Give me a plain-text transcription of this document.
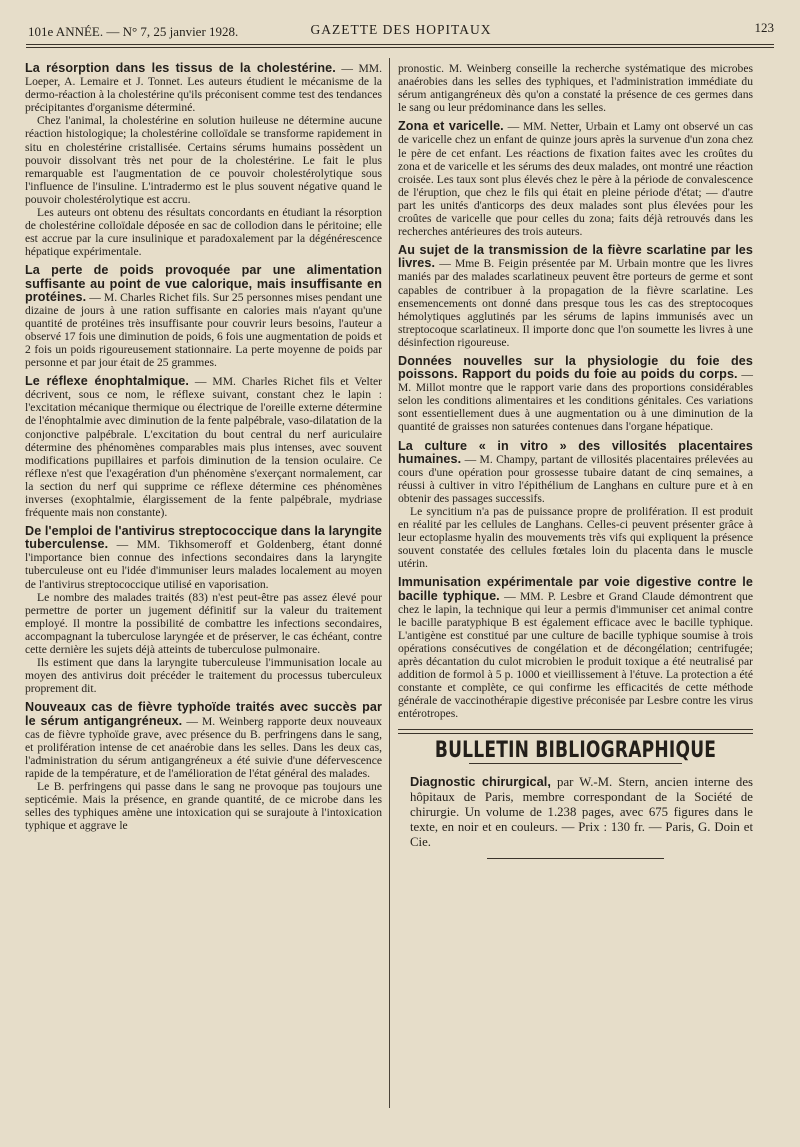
101e ANNÉE. — N° 7, 25 janvier 1928.	GAZETTE DES HOPITAUX	123

La résorption dans les tissus de la cholestérine. — MM. Loeper, A. Lemaire et J. Tonnet. Les auteurs étudient le mécanisme de la dermo-réaction à la cholestérine qu'ils préconisent comme test des tendances précipitantes d'organisme déterminé.

Chez l'animal, la cholestérine en solution huileuse ne détermine aucune réaction histologique; la cholestérine colloïdale se transforme rapidement in situ en cholestérine cristallisée. Certains sérums humains possèdent un pouvoir dissolvant très net pour de la cholestérine. Le fait le plus remarquable est l'augmentation de ce pouvoir cholestérolytique sous l'influence de l'insuline. L'intradermo est le plus souvent négative quand le pouvoir cholestérolytique est accru.

Les auteurs ont obtenu des résultats concordants en étudiant la résorption de cholestérine colloïdale déposée en sac de collodion dans le péritoine; elle est accrue par la cure insulinique et paradoxalement par la dégénérescence hépatique expérimentale.

La perte de poids provoquée par une alimentation suffisante au point de vue calorique, mais insuffisante en protéines. — M. Charles Richet fils. Sur 25 personnes mises pendant une dizaine de jours à une ration suffisante en calories mais n'ayant qu'une quantité de protéines très insuffisante pour couvrir leurs besoins, l'auteur a observé 17 fois une diminution de poids, 6 fois une augmentation de poids et 2 fois un poids rigoureusement stationnaire. La perte moyenne de poids par personne et par jour était de 25 grammes.

Le réflexe énophtalmique. — MM. Charles Richet fils et Velter décrivent, sous ce nom, le réflexe suivant, constant chez le lapin : l'excitation mécanique thermique ou électrique de l'oreille externe détermine de l'énophtalmie avec diminution de la fente palpébrale, vaso-dilatation de la conjonctive palpébrale. L'excitation du bout central du nerf auriculaire détermine des phénomènes comparables mais plus intenses, avec souvent modifications pupillaires et parfois diminution de la tension oculaire. Ce réflexe n'est que l'exagération d'un phénomène s'exerçant normalement, car la section du nerf qui supprime ce réflexe détermine ces phénomènes inverses (exophtalmie, élargissement de la fente palpébrale, mydriase fréquente mais non constante).

De l'emploi de l'antivirus streptococcique dans la laryngite tuberculense. — MM. Tikhsomeroff et Goldenberg, étant donné l'importance bien connue des infections secondaires dans la laryngite tuberculeuse ont eu l'idée d'immuniser leurs malades localement au moyen de l'antivirus streptococcique utilisé en vaporisation.

Le nombre des malades traités (83) n'est peut-être pas assez élevé pour permettre de porter un jugement définitif sur la valeur du traitement employé. Il montre la possibilité de combattre les infections secondaires, accompagnant la tuberculose laryngée et de préserver, le cas échéant, contre cette dernière les sujets déjà atteints de tuberculose pulmonaire.

Ils estiment que dans la laryngite tuberculeuse l'immunisation locale au moyen des antivirus doit précéder le traitement du processus tuberculeux proprement dit.

Nouveaux cas de fièvre typhoïde traités avec succès par le sérum antigangréneux. — M. Weinberg rapporte deux nouveaux cas de fièvre typhoïde grave, avec présence du B. perfringens dans le sang, et prolifération intense de cet anaérobie dans les selles. Dans les deux cas, l'administration du sérum antigangréneux a été suivie d'une défervescence rapide de la température, et de l'amélioration de l'état général des malades.

Le B. perfringens qui passe dans le sang ne provoque pas toujours une septicémie. Mais la présence, en grande quantité, de ce microbe dans les selles des typhiques amène une intoxication qui se surajoute à l'intoxication typhique et aggrave le

pronostic. M. Weinberg conseille la recherche systématique des microbes anaérobies dans les selles des typhiques, et l'administration immédiate du sérum antigangréneux dès qu'on a constaté la présence de ces germes dans le sang ou leur prédominance dans les selles.

Zona et varicelle. — MM. Netter, Urbain et Lamy ont observé un cas de varicelle chez un enfant de quinze jours après la survenue d'un zona chez le père de cet enfant. Les réactions de fixation faites avec les croûtes du zona et de varicelle et les sérums des deux malades, ont montré une réaction croisée. Les taux sont plus élevés chez le père à la période de convalescence de l'éruption, que chez le fils qui était en pleine période d'état; — d'autre part les unités d'anticorps des deux malades sont plus élevées pour les croûtes de varicelle que pour celles du zona; faits déjà retrouvés dans les recherches antérieures des trois auteurs.

Au sujet de la transmission de la fièvre scarlatine par les livres. — Mme B. Feigin présentée par M. Urbain montre que les livres maniés par des malades scarlatineux peuvent être porteurs de germe et sont capables de contribuer à la propagation de la fièvre scarlatine. Les ensemencements ont donné dans presque tous les cas des streptocoques hémolytiques agglutinés par les sérums de lapins immunisés avec un streptocoque scarlatineux. Il importe donc que l'on soumette les livres à une désinfection rigoureuse.

Données nouvelles sur la physiologie du foie des poissons. Rapport du poids du foie au poids du corps. — M. Millot montre que le rapport varie dans des proportions considérables selon les conditions alimentaires et les conditions génitales. Ces variations sont essentiellement dues à une augmentation ou à une diminution de la quantité de graisses non saturées contenues dans l'organe hépatique.

La culture « in vitro » des villosités placentaires humaines. — M. Champy, partant de villosités placentaires prélevées au cours d'une opération pour grossesse tubaire datant de cinq semaines, a réussi à cultiver in vitro l'épithélium de Langhans en culture pure et à en obtenir des passages successifs.

Le syncitium n'a pas de puissance propre de prolifération. Il est produit en réalité par les cellules de Langhans. Celles-ci peuvent présenter grâce à leur ectoplasme hyalin des mouvements très vifs qui expliquent la présence souvent constatée des cellules fœtales loin du placenta dans le muscle utérin.

Immunisation expérimentale par voie digestive contre le bacille typhique. — MM. P. Lesbre et Grand Claude démontrent que chez le lapin, la technique qui leur a permis d'immuniser cet animal contre le bacille paratyphique B est également efficace avec le bacille typhique. L'antigène est constitué par une culture de bacille typhique soumise à trois opérations consécutives de congélation et de décongélation; centrifugée; après décantation du culot microbien le produit toxique a été neutralisé par addition de formol à 5 p. 1000 et vieillissement à l'étuve. La protection a été constante et complète, ce qui confirme les efficacités de cette méthode générale de vaccinothérapie digestive préconisée par Lesbre contre les virus entérotropes.

BULLETIN BIBLIOGRAPHIQUE
Diagnostic chirurgical, par W.-M. Stern, ancien interne des hôpitaux de Paris, membre correspondant de la Société de chirurgie. Un volume de 1.238 pages, avec 675 figures dans le texte, en noir et en couleurs. — Prix : 130 fr. — Paris, G. Doin et Cie.
